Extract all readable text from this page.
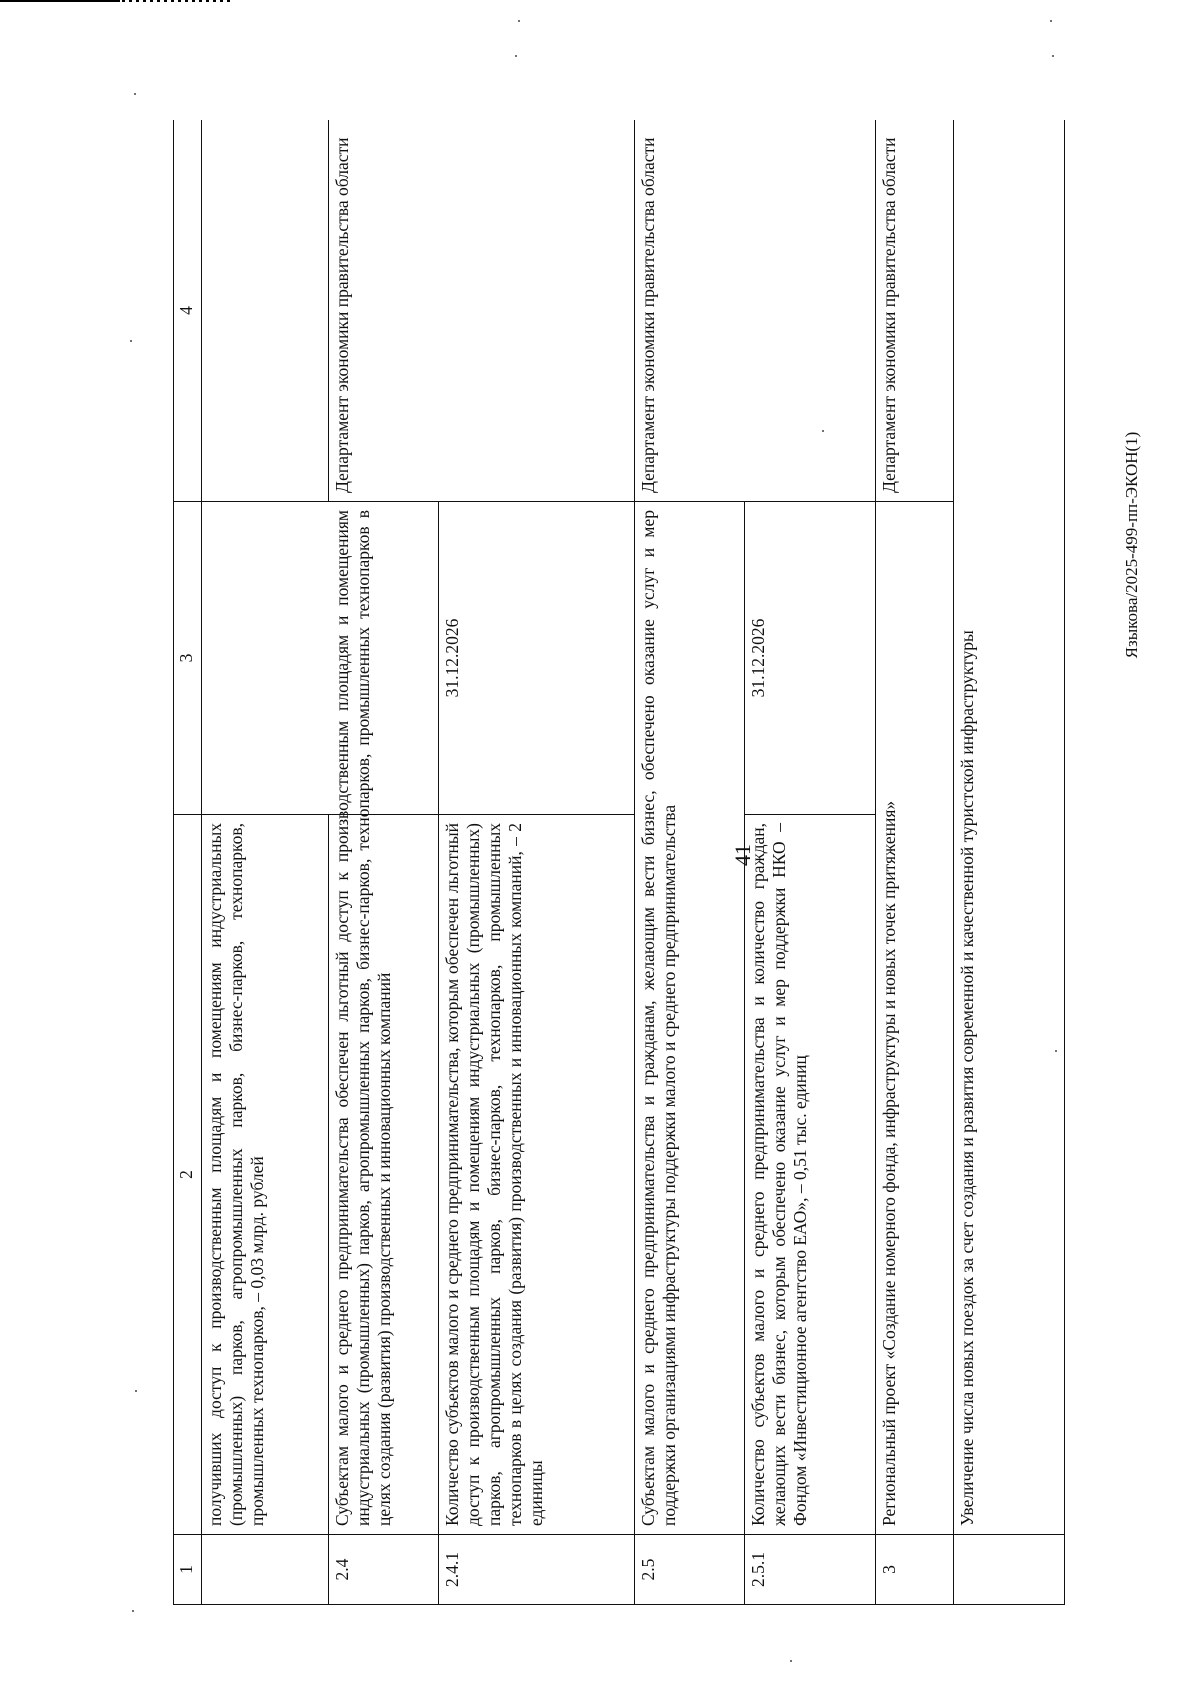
41
1	2	3	4
	получивших доступ к производственным площадям и помещениям индустриальных (промышленных) парков, агропромышленных парков, бизнес-парков, технопарков, промышленных технопарков, – 0,03 млрд. рублей		
2.4	Субъектам малого и среднего предпринимательства обеспечен льготный доступ к производственным площадям и помещениям индустриальных (промышленных) парков, агропромышленных парков, бизнес-парков, технопарков, промышленных технопарков в целях создания (развития) производственных и инновационных компаний		Департамент экономики правительства области
2.4.1	Количество субъектов малого и среднего предпринимательства, которым обеспечен льготный доступ к производственным площадям и помещениям индустриальных (промышленных) парков, агропромышленных парков, бизнес-парков, технопарков, промышленных технопарков в целях создания (развития) производственных и инновационных компаний, – 2 единицы	31.12.2026	
2.5	Субъектам малого и среднего предпринимательства и гражданам, желающим вести бизнес, обеспечено оказание услуг и мер поддержки организациями инфраструктуры поддержки малого и среднего предпринимательства		Департамент экономики правительства области
2.5.1	Количество субъектов малого и среднего предпринимательства и количество граждан, желающих вести бизнес, которым обеспечено оказание услуг и мер поддержки НКО – Фондом «Инвестиционное агентство ЕАО», – 0,51 тыс. единиц	31.12.2026	
3	Региональный проект «Создание номерного фонда, инфраструктуры и новых точек притяжения»		Департамент экономики правительства области
	Увеличение числа новых поездок за счет создания и развития современной и качественной туристской инфраструктуры		
Языкова/2025-499-пп-ЭКОН(1)
